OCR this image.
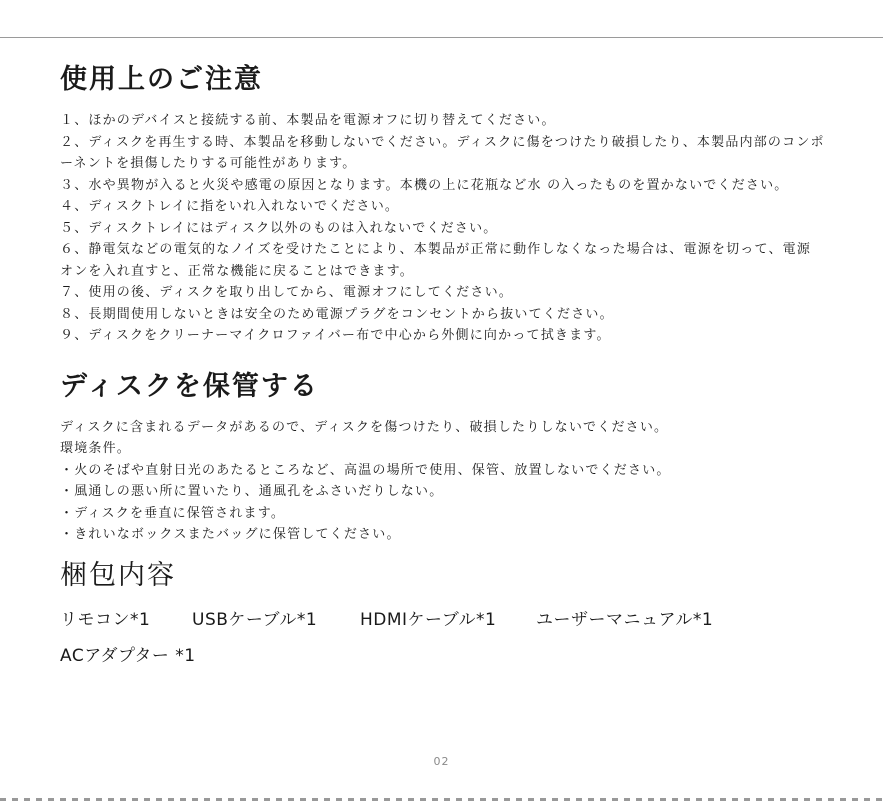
使用上のご注意

１、ほかのデバイスと接続する前、本製品を電源オフに切り替えてください。

２、ディスクを再生する時、本製品を移動しないでください。ディスクに傷をつけたり破損したり、本製品内部のコンポーネントを損傷したりする可能性があります。

３、水や異物が入ると火災や感電の原因となります。本機の上に花瓶など水 の入ったものを置かないでください。

４、ディスクトレイに指をいれ入れないでください。

５、ディスクトレイにはディスク以外のものは入れないでください。

６、静電気などの電気的なノイズを受けたことにより、本製品が正常に動作しなくなった場合は、電源を切って、電源オンを入れ直すと、正常な機能に戻ることはできます。

７、使用の後、ディスクを取り出してから、電源オフにしてください。

８、長期間使用しないときは安全のため電源プラグをコンセントから抜いてください。

９、ディスクをクリーナーマイクロファイバー布で中心から外側に向かって拭きます。

ディスクを保管する

ディスクに含まれるデータがあるので、ディスクを傷つけたり、破損したりしないでください。

環境条件。

・火のそばや直射日光のあたるところなど、高温の場所で使用、保管、放置しないでください。

・風通しの悪い所に置いたり、通風孔をふさいだりしない。

・ディスクを垂直に保管されます。

・きれいなボックスまたバッグに保管してください。

梱包内容
リモコン*1 USBケーブル*1	HDMIケーブル*1 ユーザーマニュアル*1
ACアダプター *1
02
